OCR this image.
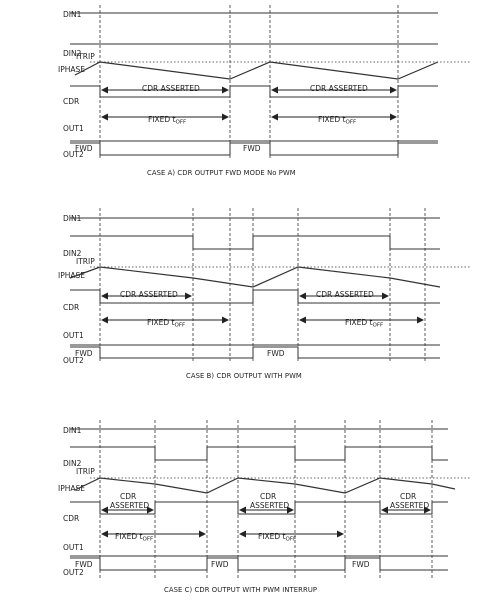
DIN1
DIN2
IPHASE
CDR
OUT1
OUT2
ITRIP
CDR ASSERTED	CDR ASSERTED
FIXED $t_{OFF}$	FIXED $t_{OFF}$
FWD	FWD
CASE A) CDR OUTPUT FWD MODE No PWM
DIN1
DIN2
IPHASE
CDR
OUT1
OUT2
ITRIP
CDR ASSERTED	CDR ASSERTED
FIXED $t_{OFF}$	FIXED $t_{OFF}$
FWD	FWD
CASE B) CDR OUTPUT WITH PWM
DIN1
DIN2
IPHASE
CDR
OUT1
OUT2
ITRIP
CDR
ASSERTED
CDR
ASSERTED
CDR
ASSERTED
FIXED $t_{OFF}$	FIXED $t_{OFF}$
FWD	FWD	FWD
CASE C) CDR OUTPUT WITH PWM INTERRUP
